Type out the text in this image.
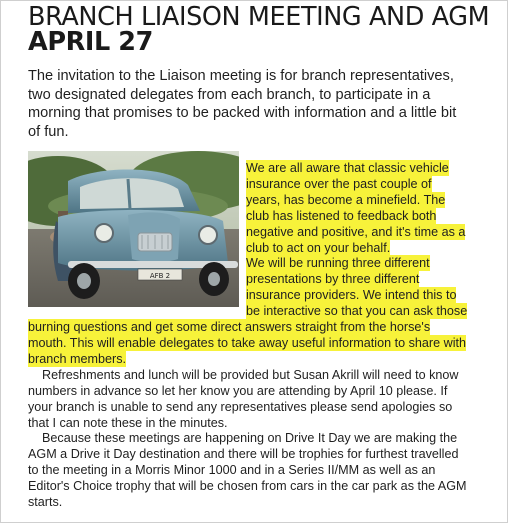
BRANCH LIAISON MEETING AND AGM APRIL 27

The invitation to the Liaison meeting is for branch representatives, two designated delegates from each branch, to participate in a morning that promises to be packed with information and a little bit of fun.

AFB 2

We are all aware that classic vehicle insurance over the past couple of years, has become a minefield. The club has listened to feedback both negative and positive, and it's time as a club to act on your behalf.
We will be running three different presentations by three different insurance providers. We intend this to be interactive so that you can ask those burning questions and get some direct answers straight from the horse's mouth. This will enable delegates to take away useful information to share with branch members.

Refreshments and lunch will be provided but Susan Akrill will need to know numbers in advance so let her know you are attending by April 10 please. If your branch is unable to send any representatives please send apologies so that I can note these in the minutes.

Because these meetings are happening on Drive It Day we are making the AGM a Drive it Day destination and there will be trophies for furthest travelled to the meeting in a Morris Minor 1000 and in a Series II/MM as well as an Editor's Choice trophy that will be chosen from cars in the car park as the AGM starts.
